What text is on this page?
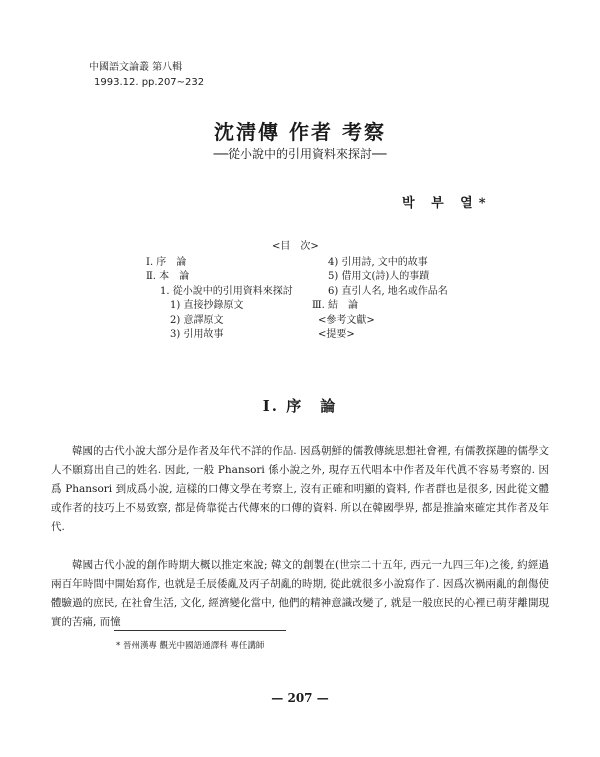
中國語文論叢 第八輯
1993.12. pp.207∼232
沈淸傳 作者 考察
──從小說中的引用資料來探討──
박 부 열*
<目　次>
Ⅰ. 序　論
Ⅱ. 本　論
1. 從小說中的引用資料來探討
1) 直接抄錄原文
2) 意譯原文
3) 引用故事
4) 引用詩, 文中的故事
5) 借用文(詩)人的事蹟
6) 直引人名, 地名或作品名
Ⅲ. 結　論
<參考文獻>
<提要>
Ⅰ. 序　論
韓國的古代小說大部分是作者及年代不詳的作品. 因爲朝鮮的儒教傳統思想社會裡, 有儒教探趣的儒學文人不願寫出自己的姓名. 因此, 一般 Phansori 係小說之外, 現存五代唱本中作者及年代眞不容易考察的. 因爲 Phansori 到成爲小說, 這樣的口傳文學在考察上, 沒有正確和明顯的資料, 作者群也是很多, 因此從文體或作者的技巧上不易致察, 都是倚靠從古代傳來的口傳的資料. 所以在韓國學界, 都是推論來確定其作者及年代.
韓國古代小說的創作時期大概以推定來說; 韓文的創製在(世宗二十五年, 西元一九四三年)之後, 約經過兩百年時間中開始寫作, 也就是壬辰倭亂及丙子胡亂的時期, 從此就很多小說寫作了. 因爲次禍兩亂的創傷使體驗過的庶民, 在社會生活, 文化, 經濟變化當中, 他們的精神意識改變了, 就是一般庶民的心裡已萌芽離開現實的苦痛, 而憧
* 晉州漢專 觀光中國語通譯科 專任講師
— 207 —
